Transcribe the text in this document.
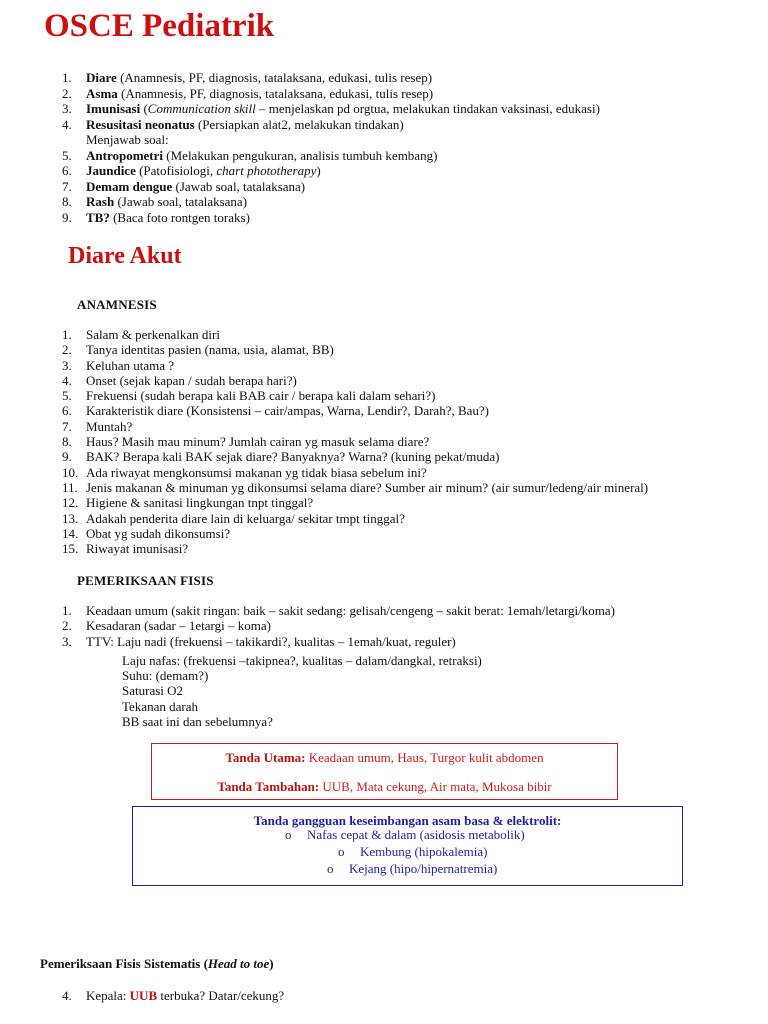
OSCE Pediatrik
1.	Diare (Anamnesis, PF, diagnosis, tatalaksana, edukasi, tulis resep)
2.	Asma (Anamnesis, PF, diagnosis, tatalaksana, edukasi, tulis resep)
3.	Imunisasi (Communication skill – menjelaskan pd orgtua, melakukan tindakan vaksinasi, edukasi)
4.	Resusitasi neonatus (Persiapkan alat2, melakukan tindakan)
Menjawab soal:
5.	Antropometri (Melakukan pengukuran, analisis tumbuh kembang)
6.	Jaundice (Patofisiologi, chart phototherapy)
7.	Demam dengue (Jawab soal, tatalaksana)
8.	Rash (Jawab soal, tatalaksana)
9.	TB? (Baca foto rontgen toraks)
Diare Akut
ANAMNESIS
1.	Salam & perkenalkan diri
2.	Tanya identitas pasien (nama, usia, alamat, BB)
3.	Keluhan utama ?
4.	Onset (sejak kapan / sudah berapa hari?)
5.	Frekuensi (sudah berapa kali BAB cair / berapa kali dalam sehari?)
6.	Karakteristik diare (Konsistensi – cair/ampas, Warna, Lendir?, Darah?, Bau?)
7.	Muntah?
8.	Haus? Masih mau minum? Jumlah cairan yg masuk selama diare?
9.	BAK? Berapa kali BAK sejak diare? Banyaknya? Warna? (kuning pekat/muda)
10. Ada riwayat mengkonsumsi makanan yg tidak biasa sebelum ini?
11. Jenis makanan & minuman yg dikonsumsi selama diare? Sumber air minum? (air sumur/ledeng/air mineral)
12. Higiene & sanitasi lingkungan tnpt tinggal?
13. Adakah penderita diare lain di keluarga/ sekitar tmpt tinggal?
14. Obat yg sudah dikonsumsi?
15. Riwayat imunisasi?
PEMERIKSAAN FISIS
1.	Keadaan umum (sakit ringan: baik – sakit sedang: gelisah/cengeng – sakit berat: 1emah/letargi/koma)
2.	Kesadaran (sadar – 1etargi – koma)
3.	TTV: Laju nadi (frekuensi – takikardi?, kualitas – 1emah/kuat, reguler)
Laju nafas: (frekuensi –takipnea?, kualitas – dalam/dangkal, retraksi)
Suhu: (demam?)
Saturasi O2
Tekanan darah
BB saat ini dan sebelumnya?
Tanda Utama: Keadaan umum, Haus, Turgor kulit abdomen
Tanda Tambahan: UUB, Mata cekung, Air mata, Mukosa bibir
Tanda gangguan keseimbangan asam basa & elektrolit:
o Nafas cepat & dalam (asidosis metabolik)
o Kembung (hipokalemia)
o Kejang (hipo/hipernatremia)
Pemeriksaan Fisis Sistematis (Head to toe)
4.	Kepala: UUB terbuka? Datar/cekung?
